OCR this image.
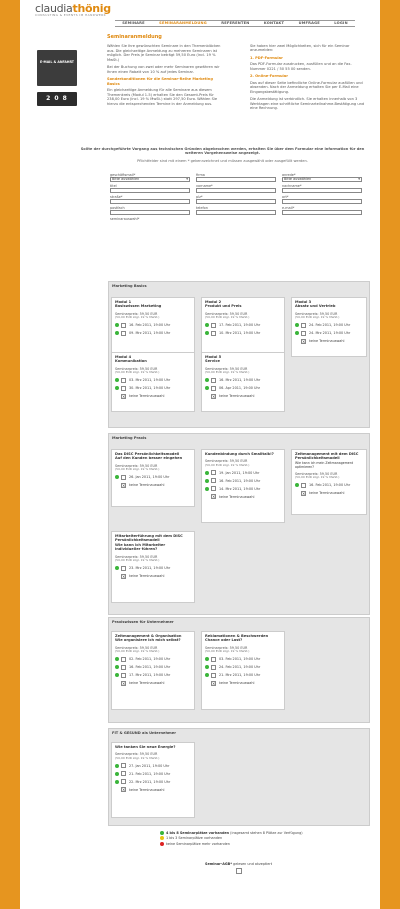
claudiathönig
CONSULTING & EVENTS IM HANDWERK
SEMINARE	SEMINARANMELDUNG	REFERENTEN	KONTAKT	UMFRAGE	LOGIN
E-MAIL & ANFAHRT
2 0 8
Seminaranmeldung
Wählen Sie Ihre gewünschten Seminare in den Themenblöcken aus. Die gleichzeitige Anmeldung zu mehreren Seminaren ist möglich. Der Preis je Seminar beträgt 59,50 Euro (incl. 19 % MwSt.)
Bei der Buchung von zwei oder mehr Seminaren gewähren wir Ihnen einen Rabatt von 10 % auf jedes Seminar.
Sonderkonditionen für die Seminar-Reihe Marketing Basics
Ein gleichzeitige Anmeldung für alle Seminare aus diesem Themenkreis (Modul 1-5) erhalten Sie den Gesamt-Preis für 238,00 Euro (incl. 19 % MwSt.) statt 297,50 Euro. Wählen Sie hierzu die entsprechenden Termine in der Anmeldung aus.
Sie haben hier zwei Möglichkeiten, sich für ein Seminar anzumelden:
1. PDF-Formular
Das PDF-Formular ausdrucken, ausfüllen und an die Fax-Nummer 0221 / 50 55 00 senden.
2. Online-Formular
Das auf dieser Seite befindliche Online-Formular ausfüllen und absenden. Nach der Anmeldung erhalten Sie per E-Mail eine Eingangsbestätigung.
Die Anmeldung ist verbindlich. Sie erhalten innerhalb von 3 Werktagen eine schriftliche Seminarteilnahme-Bestätigung und eine Rechnung.
Sollte der durchgeführte Vorgang aus technischen Gründen abgebrochen werden, erhalten Sie über dem Formular eine Information für den weiteren Vorgehensweise angezeigt.
Pflichtfelder sind mit einem * gekennzeichnet und müssen ausgewählt oder ausgefüllt werden.
geschäftsmail*
Bitte auswählen ▾
firma	anrede*
Bitte auswählen ▾
titel	vorname*	nachname*
straße*	plz*	ort*
postfach	telefon	e-mail*
seminarauswahl*
Marketing Basics
Modul 1
Basiswissen Marketing
Seminarpreis: 59,50 EUR
(50,00 EUR zzgl. 19 % MwSt.)
16. Feb 2011, 19:00 Uhr
09. Mrz 2011, 19:00 Uhr
Modul 2
Produkt und Preis
Seminarpreis: 59,50 EUR
(50,00 EUR zzgl. 19 % MwSt.)
17. Feb 2011, 19:00 Uhr
10. Mrz 2011, 19:00 Uhr
Modul 3
Absatz und Vertrieb
Seminarpreis: 59,50 EUR
(50,00 EUR zzgl. 19 % MwSt.)
24. Feb 2011, 19:00 Uhr
24. Mrz 2011, 19:00 Uhr
×
keine Terminauswahl
Modul 4
Kommunikation
Seminarpreis: 59,50 EUR
(50,00 EUR zzgl. 19 % MwSt.)
03. Mrz 2011, 19:00 Uhr
30. Mrz 2011, 19:00 Uhr
×
keine Terminauswahl
Modul 5
Service
Seminarpreis: 59,50 EUR
(50,00 EUR zzgl. 19 % MwSt.)
16. Mrz 2011, 19:00 Uhr
06. Apr 2011, 19:00 Uhr
×
keine Terminauswahl
Marketing Praxis
Das DISC Persönlichkeitsmodell
Auf den Kunden besser eingehen
Seminarpreis: 59,50 EUR
(50,00 EUR zzgl. 19 % MwSt.)
26. Jan 2011, 19:00 Uhr
×
keine Terminauswahl
Kundenbindung durch Smalltalk!?
Seminarpreis: 59,50 EUR
(50,00 EUR zzgl. 19 % MwSt.)
19. Jan 2011, 19:00 Uhr
16. Feb 2011, 19:00 Uhr
14. Mrz 2011, 19:00 Uhr
×
keine Terminauswahl
Zeitmanagement mit dem DISC Persönlichkeitsmodell
Wie kann ich mein Zeitmanagement optimieren?
Seminarpreis: 59,50 EUR
(50,00 EUR zzgl. 19 % MwSt.)
16. Feb 2011, 19:00 Uhr
×
keine Terminauswahl
Mitarbeiterführung mit dem DISC Persönlichkeitsmodell
Wie kann ich Mitarbeiter individueller führen?
Seminarpreis: 59,50 EUR
(50,00 EUR zzgl. 19 % MwSt.)
23. Mrz 2011, 19:00 Uhr
×
keine Terminauswahl
Praxiswissen für Unternehmer
Zeitmanagement & Organisation
Wie organisiere ich mich selbst?
Seminarpreis: 59,50 EUR
(50,00 EUR zzgl. 19 % MwSt.)
02. Feb 2011, 19:00 Uhr
16. Feb 2011, 19:00 Uhr
17. Mrz 2011, 19:00 Uhr
×
keine Terminauswahl
Reklamationen & Beschwerden
Chance oder Last?
Seminarpreis: 59,50 EUR
(50,00 EUR zzgl. 19 % MwSt.)
03. Feb 2011, 19:00 Uhr
24. Feb 2011, 19:00 Uhr
21. Mrz 2011, 19:00 Uhr
×
keine Terminauswahl
FIT & GESUND als Unternehmer
Wie tanken Sie neue Energie?
Seminarpreis: 59,50 EUR
(50,00 EUR zzgl. 19 % MwSt.)
27. Jan 2011, 19:00 Uhr
21. Feb 2011, 19:00 Uhr
22. Mrz 2011, 19:00 Uhr
×
keine Terminauswahl
4 bis 8 Seminarplätze vorhanden (insgesamt stehen 8 Plätze zur Verfügung)
1 bis 3 Seminarplätze vorhanden
keine Seminarplätze mehr vorhanden
Seminar-AGB* gelesen und akzeptiert
